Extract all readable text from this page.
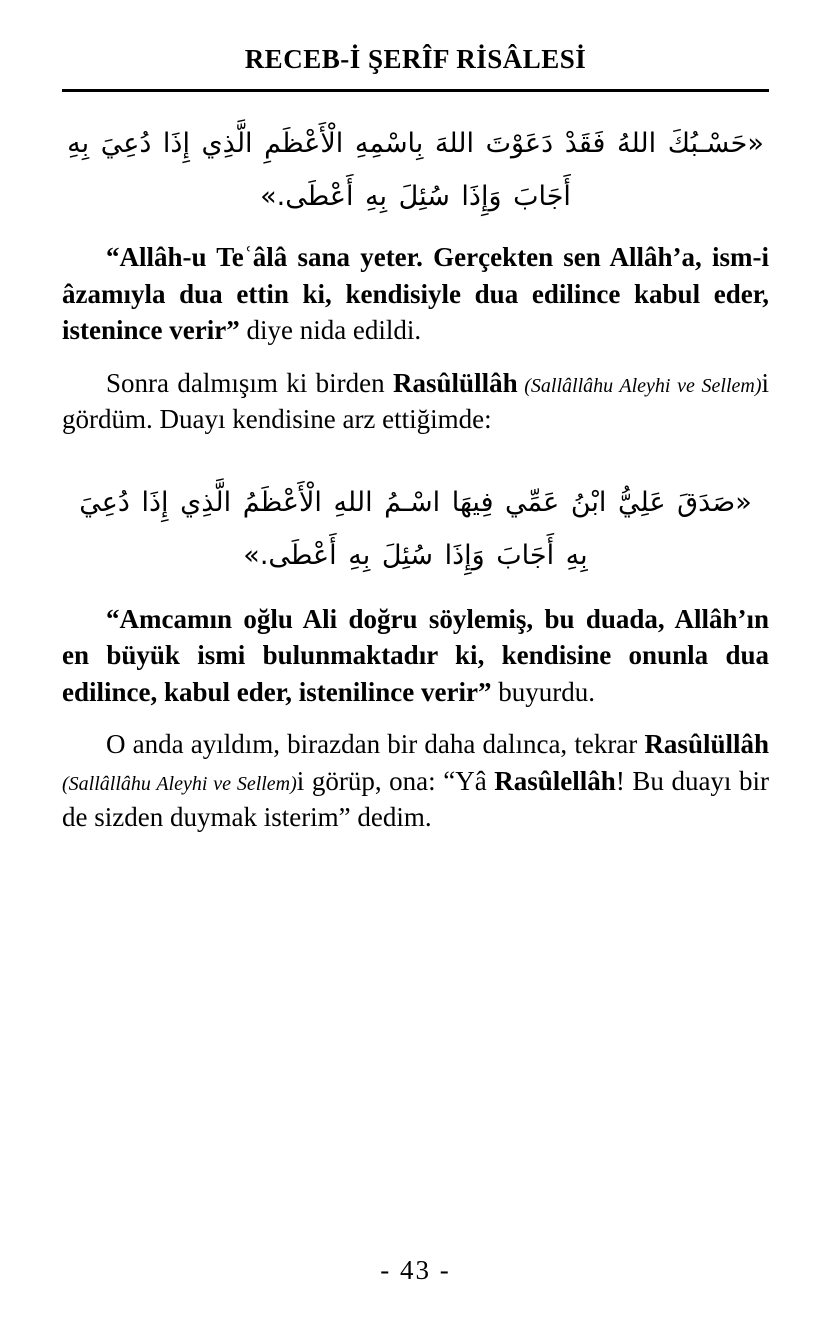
RECEB-İ ŞERÎF RİSÂLESİ
«حَسْـبُكَ اللهُ فَقَدْ دَعَوْتَ اللهَ بِاسْمِهِ الْأَعْظَمِ الَّذِي إِذَا دُعِيَ بِهِ أَجَابَ وَإِذَا سُئِلَ بِهِ أَعْطَى.»

“Allâh-u Teʿâlâ sana yeter. Gerçekten sen Allâh’a, ism-i âzamıyla dua ettin ki, kendisiyle dua edilince kabul eder, istenince verir” diye nida edildi.

Sonra dalmışım ki birden Rasûlüllâh (Sallâllâhu Aleyhi ve Sellem)i gördüm. Duayı kendisine arz ettiğimde:

«صَدَقَ عَلِيُّ ابْنُ عَمِّي فِيهَا اسْـمُ اللهِ الْأَعْظَمُ الَّذِي إِذَا دُعِيَ بِهِ أَجَابَ وَإِذَا سُئِلَ بِهِ أَعْطَى.»

“Amcamın oğlu Ali doğru söylemiş, bu duada, Allâh’ın en büyük ismi bulunmaktadır ki, kendisine onunla dua edilince, kabul eder, istenilince verir” buyurdu.

O anda ayıldım, birazdan bir daha dalınca, tekrar Rasûlüllâh (Sallâllâhu Aleyhi ve Sellem)i görüp, ona: “Yâ Rasûlellâh! Bu duayı bir de sizden duymak isterim” dedim.

- 43 -
